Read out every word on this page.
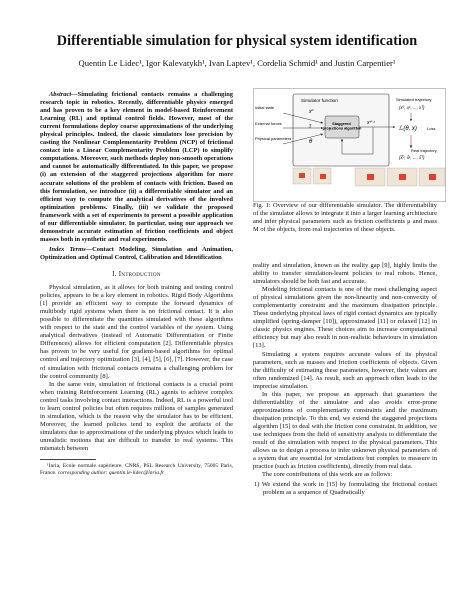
Differentiable simulation for physical system identification
Quentin Le Lidec¹, Igor Kalevatykh¹, Ivan Laptev¹, Cordelia Schmid¹ and Justin Carpentier¹

Abstract—Simulating frictional contacts remains a challenging research topic in robotics. Recently, differentiable physics emerged and has proven to be a key element in model-based Reinforcement Learning (RL) and optimal control fields. However, most of the current formulations deploy coarse approximations of the underlying physical principles. Indeed, the classic simulators lose precision by casting the Nonlinear Complementarity Problem (NCP) of frictional contact into a Linear Complementarity Problem (LCP) to simplify computations. Moreover, such methods deploy non-smooth operations and cannot be automatically differentiated. In this paper, we propose (i) an extension of the staggered projections algorithm for more accurate solutions of the problem of contacts with friction. Based on this formulation, we introduce (ii) a differentiable simulator and an efficient way to compute the analytical derivatives of the involved optimization problems. Finally, (iii) we validate the proposed framework with a set of experiments to present a possible application of our differentiable simulator. In particular, using our approach we demonstrate accurate estimation of friction coefficients and object masses both in synthetic and real experiments.

Index Terms—Contact Modeling, Simulation and Animation, Optimization and Optimal Control, Calibration and Identification

I. Introduction

Physical simulation, as it allows for both training and testing control policies, appears to be a key element in robotics. Rigid Body Algorithms [1] provide an efficient way to compute the forward dynamics of multibody rigid systems when there is no frictional contact. It is also possible to differentiate the quantities simulated with these algorithms with respect to the state and the control variables of the system. Using analytical derivatives (instead of Automatic Differentiation or Finite Differences) allows for efficient computation [2]. Differentiable physics has proven to be very useful for gradient-based algorithms for optimal control and trajectory optimization [3], [4], [5], [6], [7]. However, the case of simulation with frictional contacts remains a challenging problem for the control community [8].

In the same vein, simulation of frictional contacts is a crucial point when training Reinforcement Learning (RL) agents to achieve complex control tasks involving contact interactions. Indeed, RL is a powerful tool to learn control policies but often requires millions of samples generated in simulation, which is the reason why the simulator has to be efficient. Moreover, the learned policies tend to exploit the artifacts of the simulators due to approximations of the underlying physics which leads to unrealistic motions that are difficult to transfer to real systems. This mismatch between

¹Inria, Ecole normale supérieure, CNRS, PSL Research University, 75005 Paris, France. corresponding author: quentin.le-lidec@inria.fr

Simulator function
Initial state
External forces
Physical parameters
x⁰
τ
θ
Staggered projections algorithm
xᵗ⁺¹
Simulated trajectory
(x⁰, x¹, ..., xᵀ)
ℒ(θ, x)	Loss
Real trajectory
(x̃⁰, x̃¹, ..., x̃ᵀ)
Fig. 1: Overview of our differentiable simulator. The differentiability of the simulator allows to integrate it into a larger learning architecture and infer physical parameters such as friction coefficients μ and mass M of the objects, from real trajectories of these objects.

reality and simulation, known as the reality gap [9], highly limits the ability to transfer simulation-learnt policies to real robots. Hence, simulators should be both fast and accurate.

Modeling frictional contacts is one of the most challenging aspect of physical simulations given the non-linearity and non-convexity of complementarity constraint and the maximum dissipation principle. These underlying physical laws of rigid contact dynamics are typically simplified (spring-damper [10]), approximated [11] or relaxed [12] in classic physics engines. These choices aim to increase computational efficiency but may also result in non-realistic behaviours in simulation [13].

Simulating a system requires accurate values of its physical parameters, such as masses and friction coefficients of objects. Given the difficulty of estimating these parameters, however, their values are often randomized [14]. As result, such an approach often leads to the imprecise simulation.

In this paper, we propose an approach that guarantees the differentiability of the simulator and also avoids error-prone approximations of complementarity constraints and the maximum dissipation principle. To this end, we extend the staggered projections algorithm [15] to deal with the friction cone constraint. In addition, we use techniques from the field of sensitivity analysis to differentiate the result of the simulation with respect to the physical parameters. This allows us to design a process to infer unknown physical parameters of a system that are essential for simulations but complex to measure in practice (such as friction coefficients), directly from real data.

The core contributions of this work are as follows:

1) We extend the work in [15] by formulating the frictional contact problem as a sequence of Quadratically
